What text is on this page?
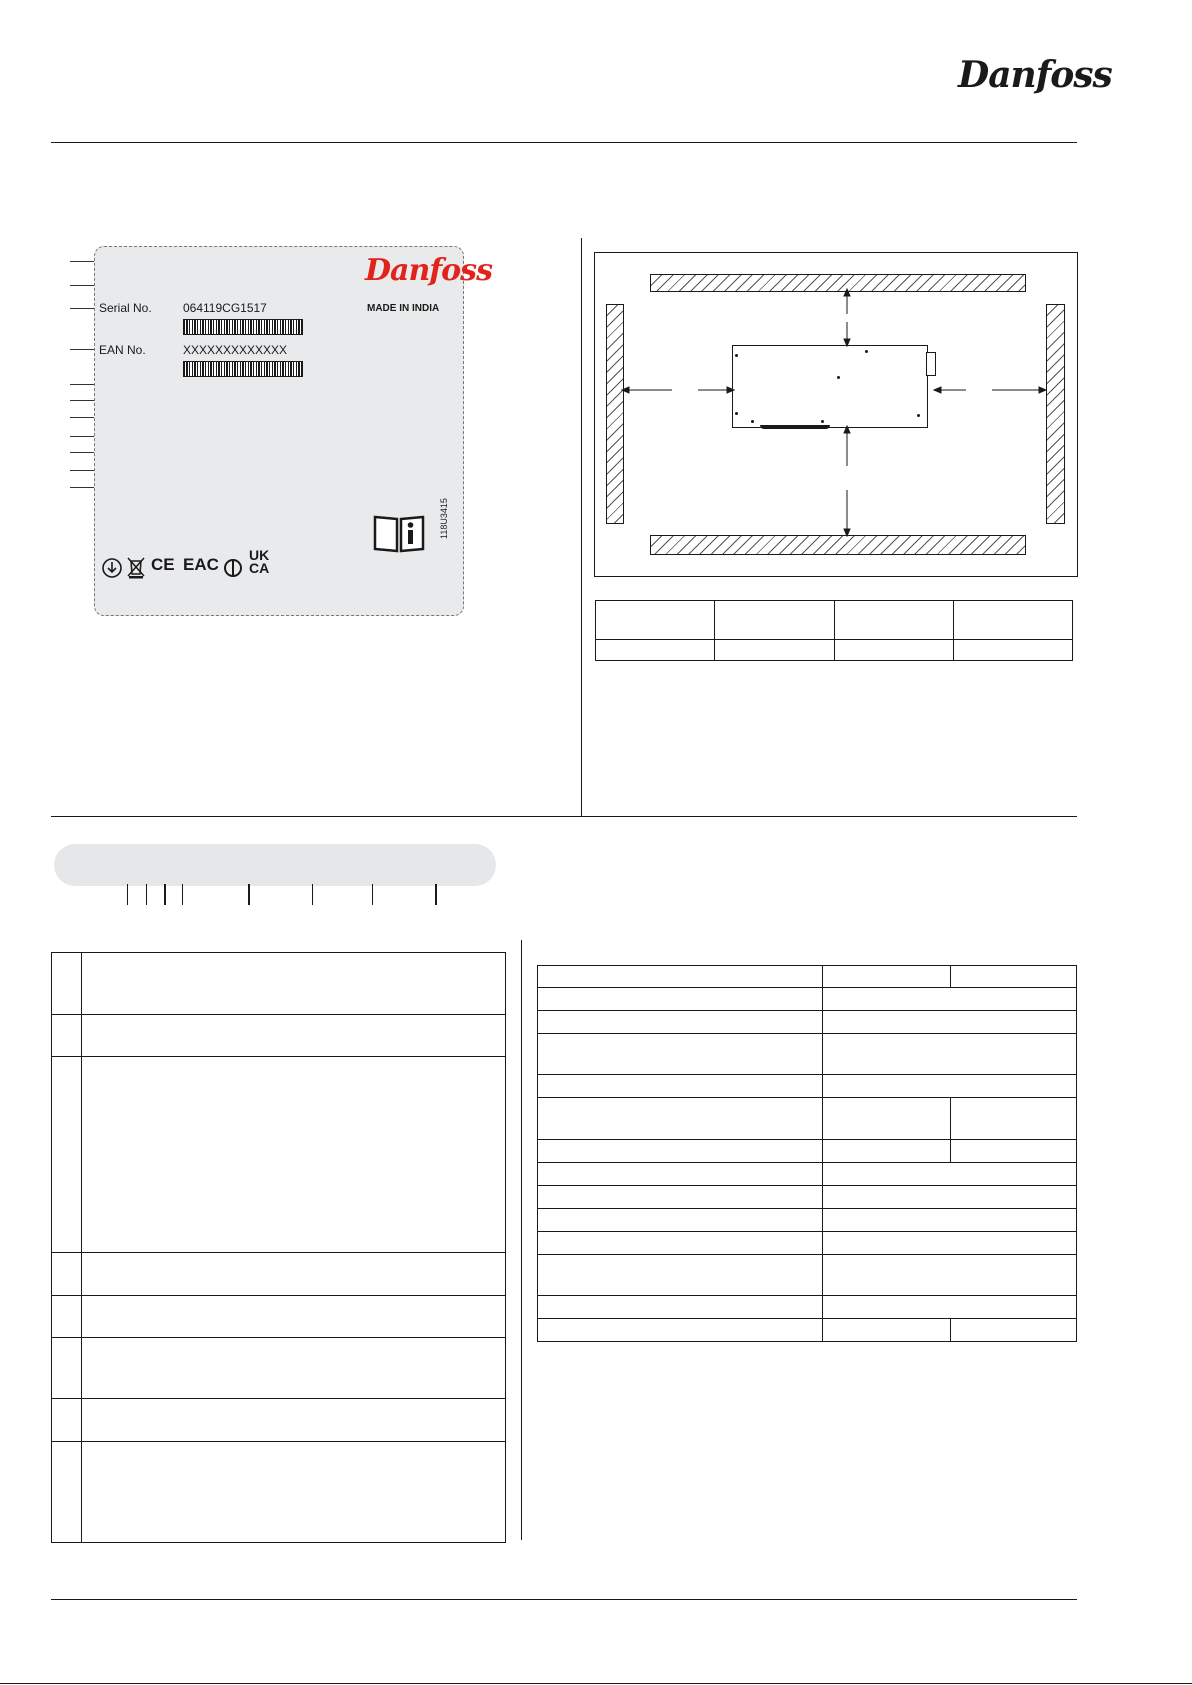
Danfoss
Danfoss
MADE IN INDIA
Serial No.	064119CG1517
EAN No.	XXXXXXXXXXXXX
118U3415
CE EAC UK CA
